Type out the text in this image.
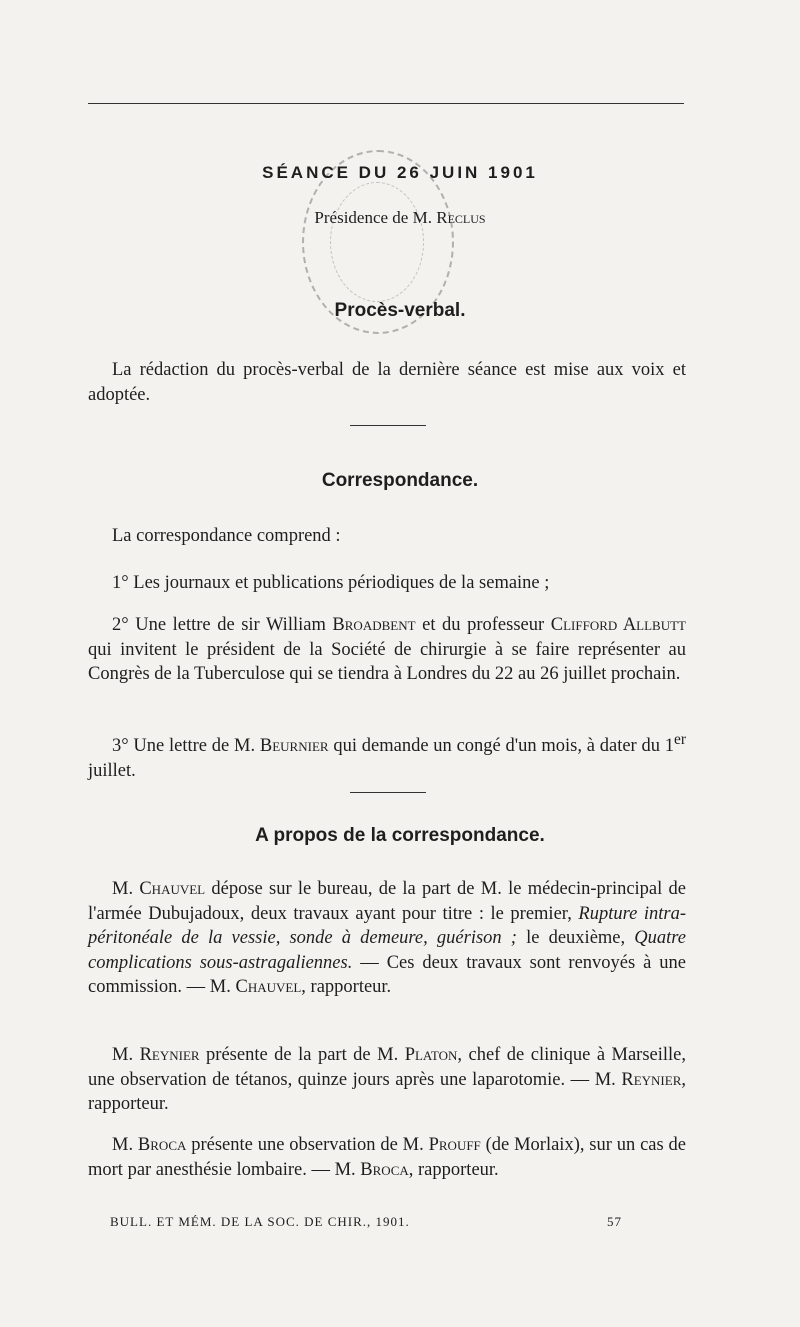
SÉANCE DU 26 JUIN 1901
Présidence de M. Reclus
Procès-verbal.
La rédaction du procès-verbal de la dernière séance est mise aux voix et adoptée.
Correspondance.
La correspondance comprend :
1° Les journaux et publications périodiques de la semaine ;
2° Une lettre de sir William Broadbent et du professeur Clifford Allbutt qui invitent le président de la Société de chirurgie à se faire représenter au Congrès de la Tuberculose qui se tiendra à Londres du 22 au 26 juillet prochain.
3° Une lettre de M. Beurnier qui demande un congé d'un mois, à dater du 1er juillet.
A propos de la correspondance.
M. Chauvel dépose sur le bureau, de la part de M. le médecin-principal de l'armée Dubujadoux, deux travaux ayant pour titre : le premier, Rupture intra-péritonéale de la vessie, sonde à demeure, guérison ; le deuxième, Quatre complications sous-astragaliennes. — Ces deux travaux sont renvoyés à une commission. — M. Chauvel, rapporteur.
M. Reynier présente de la part de M. Platon, chef de clinique à Marseille, une observation de tétanos, quinze jours après une laparotomie. — M. Reynier, rapporteur.
M. Broca présente une observation de M. Prouff (de Morlaix), sur un cas de mort par anesthésie lombaire. — M. Broca, rapporteur.
BULL. ET MÉM. DE LA SOC. DE CHIR., 1901.	57
